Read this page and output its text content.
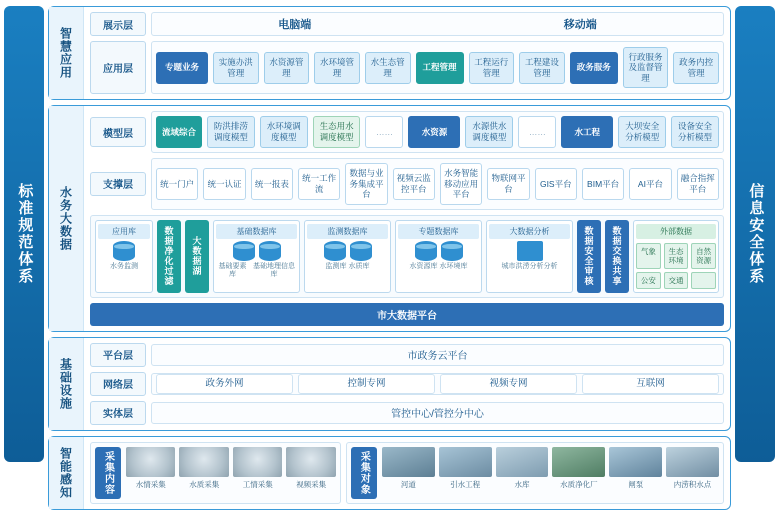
标准规范体系	信息安全体系
智慧应用
展示层	电脑端	移动端
应用层	专题业务
实施办洪管理
水资源管理
水环境管理
水生态管理
工程管理
工程运行管理
工程建设管理
政务服务
行政服务及监督管理
政务内控管理
水务大数据
模型层	流域综合
防洪排涝调度模型
水环境调度模型
生态用水调度模型
……	水资源
水源供水调度模型
……	水工程
大坝安全分析模型
设备安全分析模型
支撑层	统一门户	统一认证	统一报表
统一工作流
数据与业务集成平台
视频云监控平台
水务智能移动应用平台
物联网平台
GIS平台	BIM平台	AI平台
融合指挥平台
应用库
水务监测	数据净化过滤	大数据湖
基础数据库
基础要素库
基础地理信息库
监测数据库
监测库 水质库
专题数据库
水资源库 水环境库
大数据分析
城市洪涝分析分析	数据安全审核	数据交换共享	外部数据
气象	生态环境
自然资源
公安	交通
市大数据平台
基础设施
平台层	市政务云平台
网络层	政务外网	控制专网	视频专网	互联网
实体层	管控中心/管控分中心
智能感知	采集内容	水情采集	水质采集	工情采集	视频采集	采集对象	河道	引水工程	水库	水质净化厂	闸泵	内涝积水点
